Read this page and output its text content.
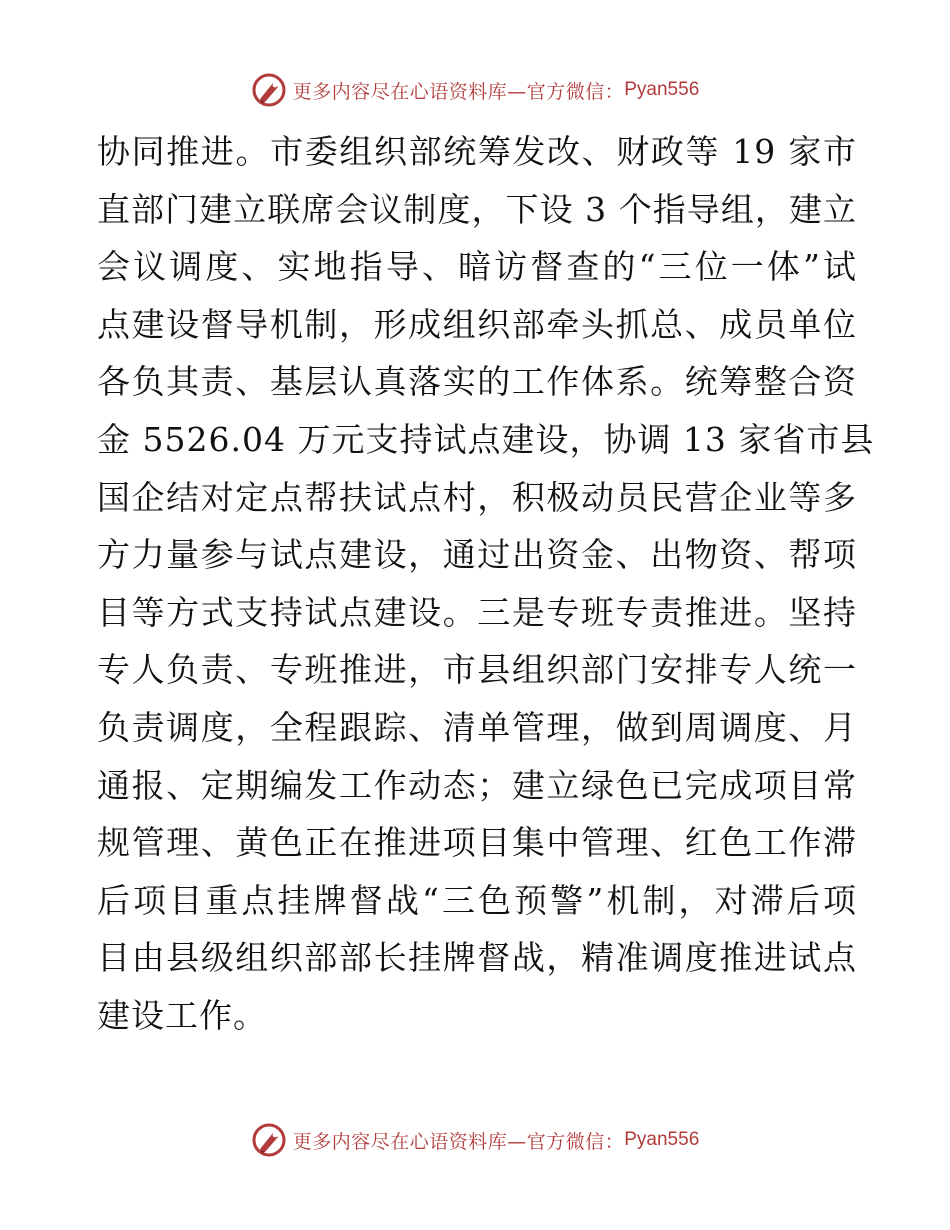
更多内容尽在心语资料库—官方微信： Pyan556
协同推进。市委组织部统筹发改、财政等 19 家市
直部门建立联席会议制度，下设 3 个指导组，建立
会议调度、实地指导、暗访督查的“三位一体”试
点建设督导机制，形成组织部牵头抓总、成员单位
各负其责、基层认真落实的工作体系。统筹整合资
金 5526.04 万元支持试点建设，协调 13 家省市县
国企结对定点帮扶试点村，积极动员民营企业等多
方力量参与试点建设，通过出资金、出物资、帮项
目等方式支持试点建设。三是专班专责推进。坚持
专人负责、专班推进，市县组织部门安排专人统一
负责调度，全程跟踪、清单管理，做到周调度、月
通报、定期编发工作动态；建立绿色已完成项目常
规管理、黄色正在推进项目集中管理、红色工作滞
后项目重点挂牌督战“三色预警”机制，对滞后项
目由县级组织部部长挂牌督战，精准调度推进试点
建设工作。
更多内容尽在心语资料库—官方微信： Pyan556
